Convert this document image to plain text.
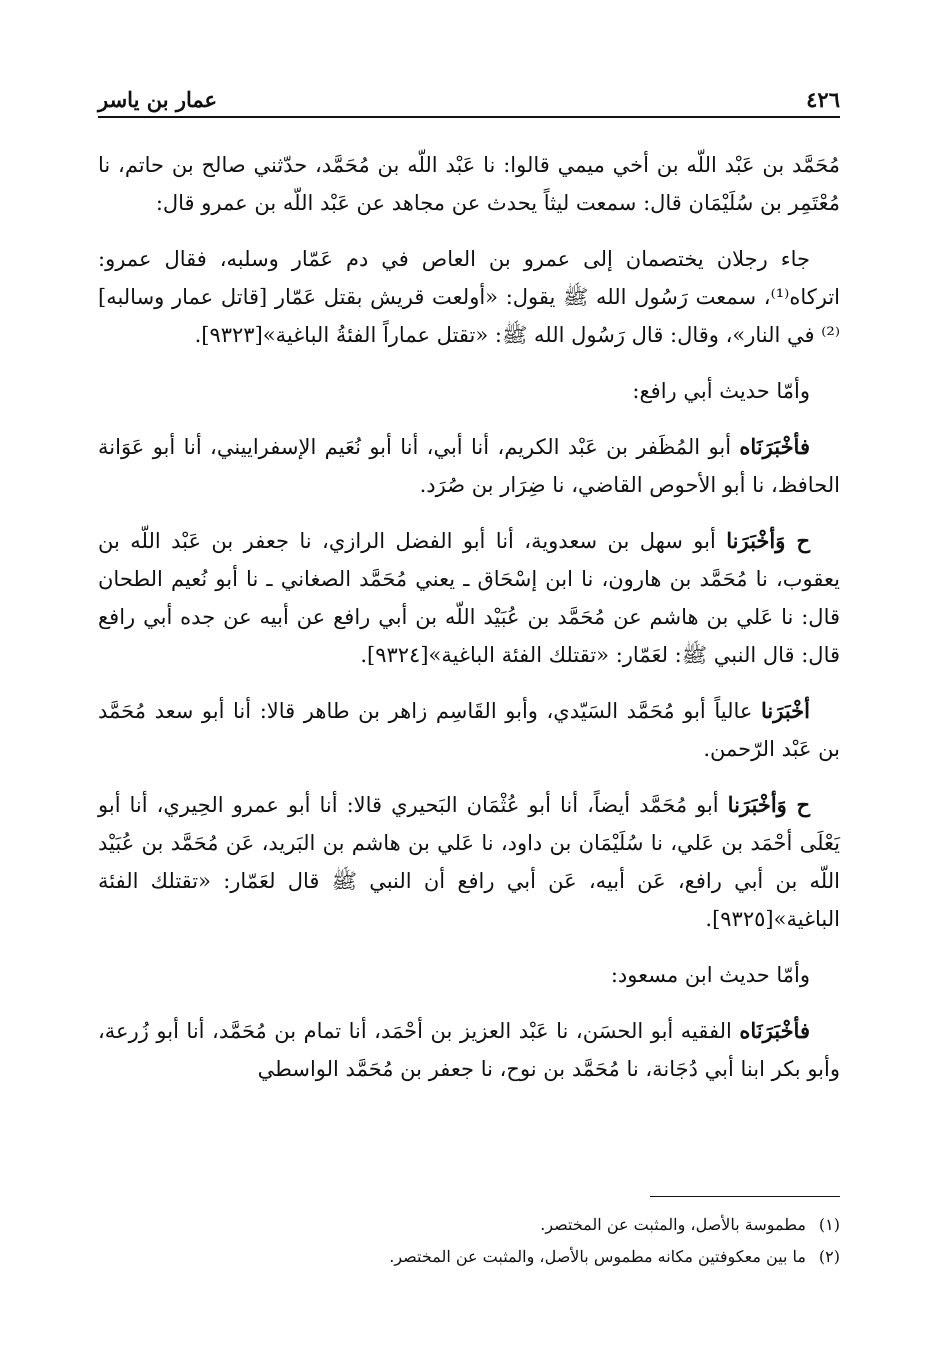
٤٢٦
عمار بن ياسر

مُحَمَّد بن عَبْد اللّه بن أخي ميمي قالوا: نا عَبْد اللّه بن مُحَمَّد، حدّثني صالح بن حاتم، نا مُعْتَمِر بن سُلَيْمَان قال: سمعت ليثاً يحدث عن مجاهد عن عَبْد اللّه بن عمرو قال:

جاء رجلان يختصمان إلى عمرو بن العاص في دم عَمّار وسلبه، فقال عمرو: اتركاه⁽¹⁾، سمعت رَسُول الله ﷺ يقول: «أولعت قريش بقتل عَمّار [قاتل عمار وسالبه]⁽²⁾ في النار»، وقال: قال رَسُول الله ﷺ: «تقتل عماراً الفئةُ الباغية»[٩٣٢٣].

وأمّا حديث أبي رافع:

فأخْبَرَنَاه أبو المُظَفر بن عَبْد الكريم، أنا أبي، أنا أبو نُعَيم الإسفراييني، أنا أبو عَوَانة الحافظ، نا أبو الأحوص القاضي، نا ضِرَار بن صُرَد.

ح وَأخْبَرَنا أبو سهل بن سعدوية، أنا أبو الفضل الرازي، نا جعفر بن عَبْد اللّه بن يعقوب، نا مُحَمَّد بن هارون، نا ابن إسْحَاق ـ يعني مُحَمَّد الصغاني ـ نا أبو نُعيم الطحان قال: نا عَلي بن هاشم عن مُحَمَّد بن عُبَيْد اللّه بن أبي رافع عن أبيه عن جده أبي رافع قال: قال النبي ﷺ: لعَمّار: «تقتلك الفئة الباغية»[٩٣٢٤].

أخْبَرَنا عالياً أبو مُحَمَّد السَيّدي، وأبو القَاسِم زاهر بن طاهر قالا: أنا أبو سعد مُحَمَّد بن عَبْد الرّحمن.

ح وَأخْبَرَنا أبو مُحَمَّد أيضاً، أنا أبو عُثْمَان البَحيري قالا: أنا أبو عمرو الحِيري، أنا أبو يَعْلَى أحْمَد بن عَلي، نا سُلَيْمَان بن داود، نا عَلي بن هاشم بن البَريد، عَن مُحَمَّد بن عُبَيْد اللّه بن أبي رافع، عَن أبيه، عَن أبي رافع أن النبي ﷺ قال لعَمّار: «تقتلك الفئة الباغية»[٩٣٢٥].

وأمّا حديث ابن مسعود:

فأخْبَرَنَاه الفقيه أبو الحسَن، نا عَبْد العزيز بن أحْمَد، أنا تمام بن مُحَمَّد، أنا أبو زُرعة، وأبو بكر ابنا أبي دُجَانة، نا مُحَمَّد بن نوح، نا جعفر بن مُحَمَّد الواسطي

(١)مطموسة بالأصل، والمثبت عن المختصر.

(٢)ما بين معكوفتين مكانه مطموس بالأصل، والمثبت عن المختصر.
